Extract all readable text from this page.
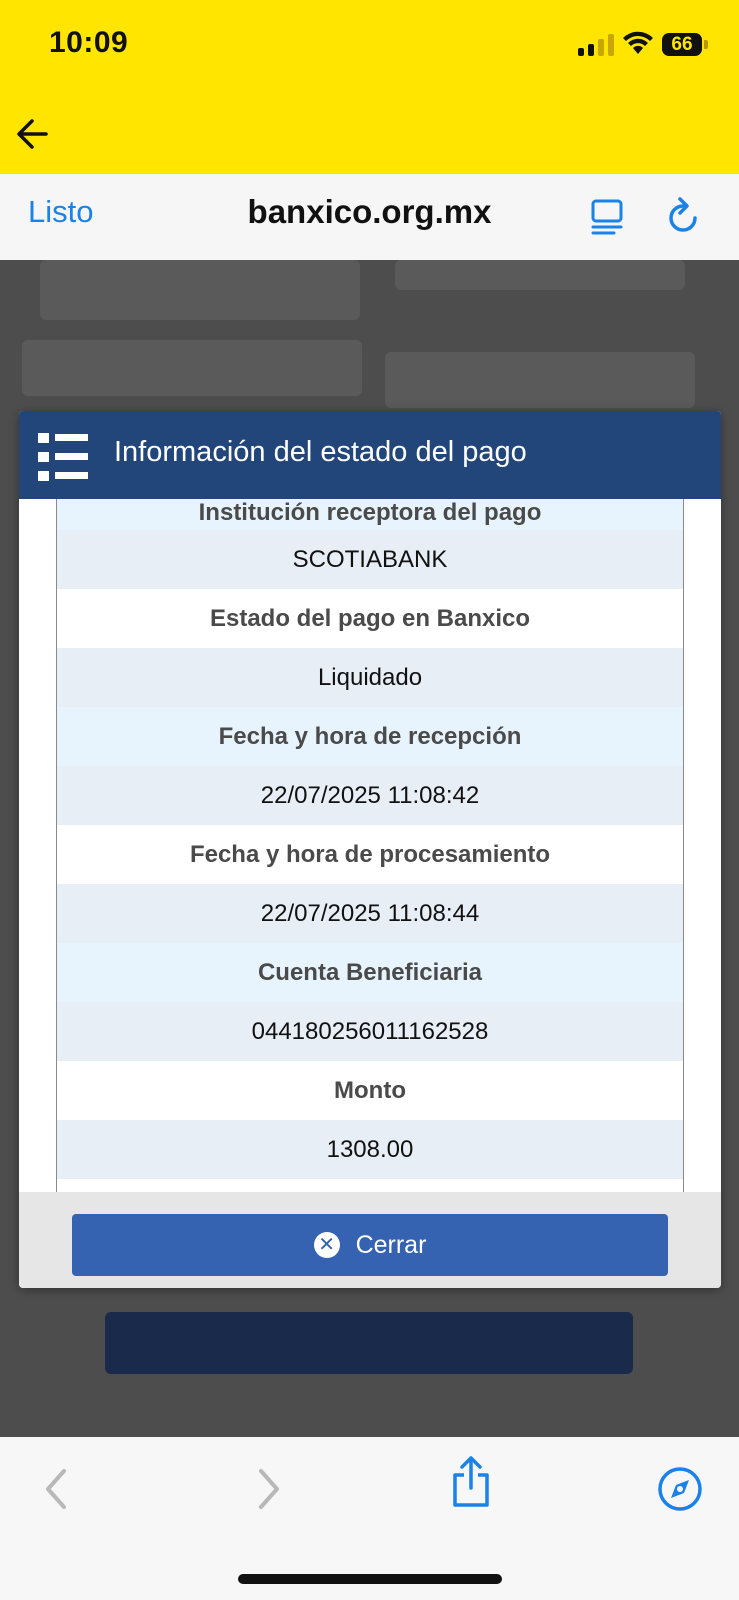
10:09	66
Listo	banxico.org.mx
Información del estado del pago
Institución receptora del pago
SCOTIABANK
Estado del pago en Banxico
Liquidado
Fecha y hora de recepción
22/07/2025 11:08:42
Fecha y hora de procesamiento
22/07/2025 11:08:44
Cuenta Beneficiaria
044180256011162528
Monto
1308.00
✕ Cerrar
